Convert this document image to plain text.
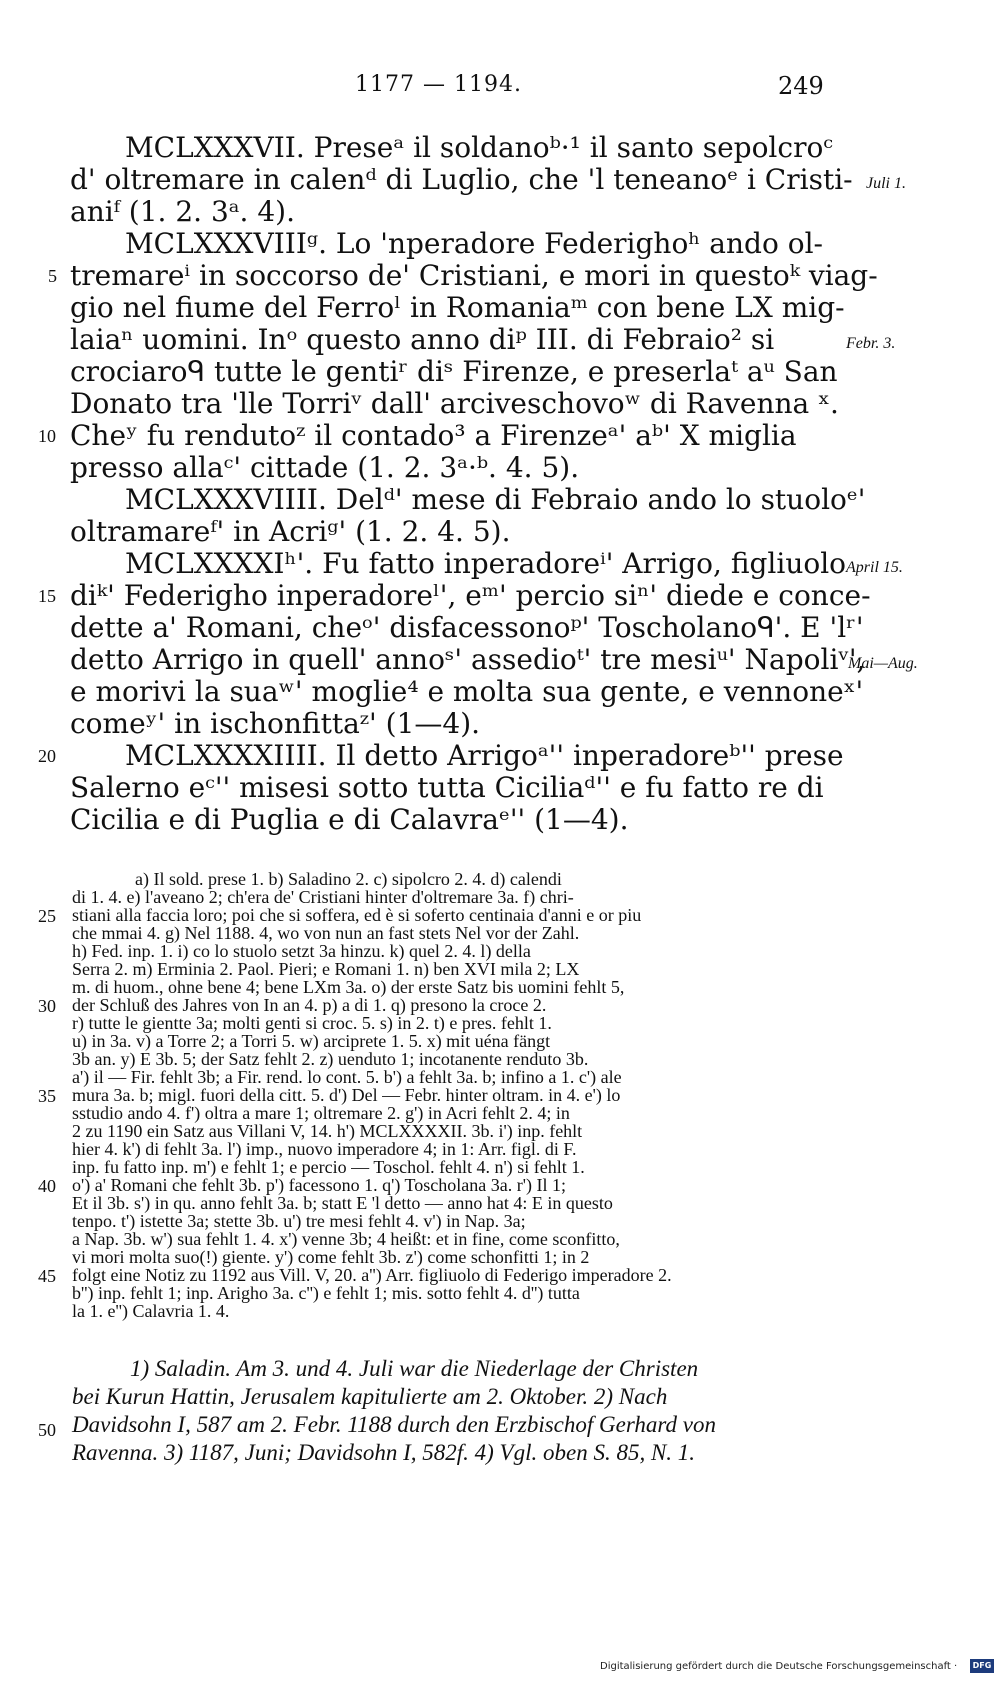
1177 — 1194.	249
MCLXXXVII. Preseᵃ il soldanoᵇ·¹ il santo sepolcroᶜ
d' oltremare in calenᵈ di Luglio, che 'l teneanoᵉ i Cristi-
aniᶠ (1. 2. 3ᵃ. 4).
MCLXXXVIIIᵍ. Lo 'nperadore Federighoʰ ando ol-
tremareⁱ in soccorso de' Cristiani, e mori in questoᵏ viag-
gio nel fiume del Ferroˡ in Romaniaᵐ con bene LX mig-
laiaⁿ uomini. Inᵒ questo anno diᵖ III. di Febraio² si
crociaroᑫ tutte le gentiʳ diˢ Firenze, e preserlaᵗ aᵘ San
Donato tra 'lle Torriᵛ dall' arciveschovoʷ di Ravenna ˣ.
Cheʸ fu rendutoᶻ il contado³ a Firenzeᵃ' aᵇ' X miglia
presso allaᶜ' cittade (1. 2. 3ᵃ·ᵇ. 4. 5).
MCLXXXVIIII. Delᵈ' mese di Febraio ando lo stuoloᵉ'
oltramareᶠ' in Acriᵍ' (1. 2. 4. 5).
MCLXXXXIʰ'. Fu fatto inperadoreⁱ' Arrigo, figliuolo
diᵏ' Federigho inperadoreˡ', eᵐ' percio siⁿ' diede e conce-
dette a' Romani, cheᵒ' disfacessonoᵖ' Toscholanoᑫ'. E 'lʳ'
detto Arrigo in quell' annoˢ' assedioᵗ' tre mesiᵘ' Napoliᵛ',
e morivi la suaʷ' moglie⁴ e molta sua gente, e vennoneˣ'
comeʸ' in ischonfittaᶻ' (1—4).
MCLXXXXIIII. Il detto Arrigoᵃ'' inperadoreᵇ'' prese
Salerno eᶜ'' misesi sotto tutta Ciciliaᵈ'' e fu fatto re di
Cicilia e di Puglia e di Calavraᵉ'' (1—4).
Juli 1.
Febr. 3.
April 15.
Mai—Aug.
5
10
15
20
25
30
35
40
45
50
a) Il sold. prese 1. b) Saladino 2. c) sipolcro 2. 4. d) calendi
di 1. 4. e) l'aveano 2; ch'era de' Cristiani hinter d'oltremare 3a. f) chri-
stiani alla faccia loro; poi che si soffera, ed è si soferto centinaia d'anni e or piu
che mmai 4. g) Nel 1188. 4, wo von nun an fast stets Nel vor der Zahl.
h) Fed. inp. 1. i) co lo stuolo setzt 3a hinzu. k) quel 2. 4. l) della
Serra 2. m) Erminia 2. Paol. Pieri; e Romani 1. n) ben XVI mila 2; LX
m. di huom., ohne bene 4; bene LXm 3a. o) der erste Satz bis uomini fehlt 5,
der Schluß des Jahres von In an 4. p) a di 1. q) presono la croce 2.
r) tutte le gientte 3a; molti genti si croc. 5. s) in 2. t) e pres. fehlt 1.
u) in 3a. v) a Torre 2; a Torri 5. w) arciprete 1. 5. x) mit uéna fängt
3b an. y) E 3b. 5; der Satz fehlt 2. z) uenduto 1; incotanente renduto 3b.
a') il — Fir. fehlt 3b; a Fir. rend. lo cont. 5. b') a fehlt 3a. b; infino a 1. c') ale
mura 3a. b; migl. fuori della citt. 5. d') Del — Febr. hinter oltram. in 4. e') lo
sstudio ando 4. f') oltra a mare 1; oltremare 2. g') in Acri fehlt 2. 4; in
2 zu 1190 ein Satz aus Villani V, 14. h') MCLXXXXII. 3b. i') inp. fehlt
hier 4. k') di fehlt 3a. l') imp., nuovo imperadore 4; in 1: Arr. figl. di F.
inp. fu fatto inp. m') e fehlt 1; e percio — Toschol. fehlt 4. n') si fehlt 1.
o') a' Romani che fehlt 3b. p') facessono 1. q') Toscholana 3a. r') Il 1;
Et il 3b. s') in qu. anno fehlt 3a. b; statt E 'l detto — anno hat 4: E in questo
tenpo. t') istette 3a; stette 3b. u') tre mesi fehlt 4. v') in Nap. 3a;
a Nap. 3b. w') sua fehlt 1. 4. x') venne 3b; 4 heißt: et in fine, come sconfitto,
vi mori molta suo(!) giente. y') come fehlt 3b. z') come schonfitti 1; in 2
folgt eine Notiz zu 1192 aus Vill. V, 20. a'') Arr. figliuolo di Federigo imperadore 2.
b'') inp. fehlt 1; inp. Arigho 3a. c'') e fehlt 1; mis. sotto fehlt 4. d'') tutta
la 1. e'') Calavria 1. 4.
1) Saladin. Am 3. und 4. Juli war die Niederlage der Christen
bei Kurun Hattin, Jerusalem kapitulierte am 2. Oktober. 2) Nach
Davidsohn I, 587 am 2. Febr. 1188 durch den Erzbischof Gerhard von
Ravenna. 3) 1187, Juni; Davidsohn I, 582f. 4) Vgl. oben S. 85, N. 1.
Digitalisierung gefördert durch die Deutsche Forschungsgemeinschaft ·	DFG
